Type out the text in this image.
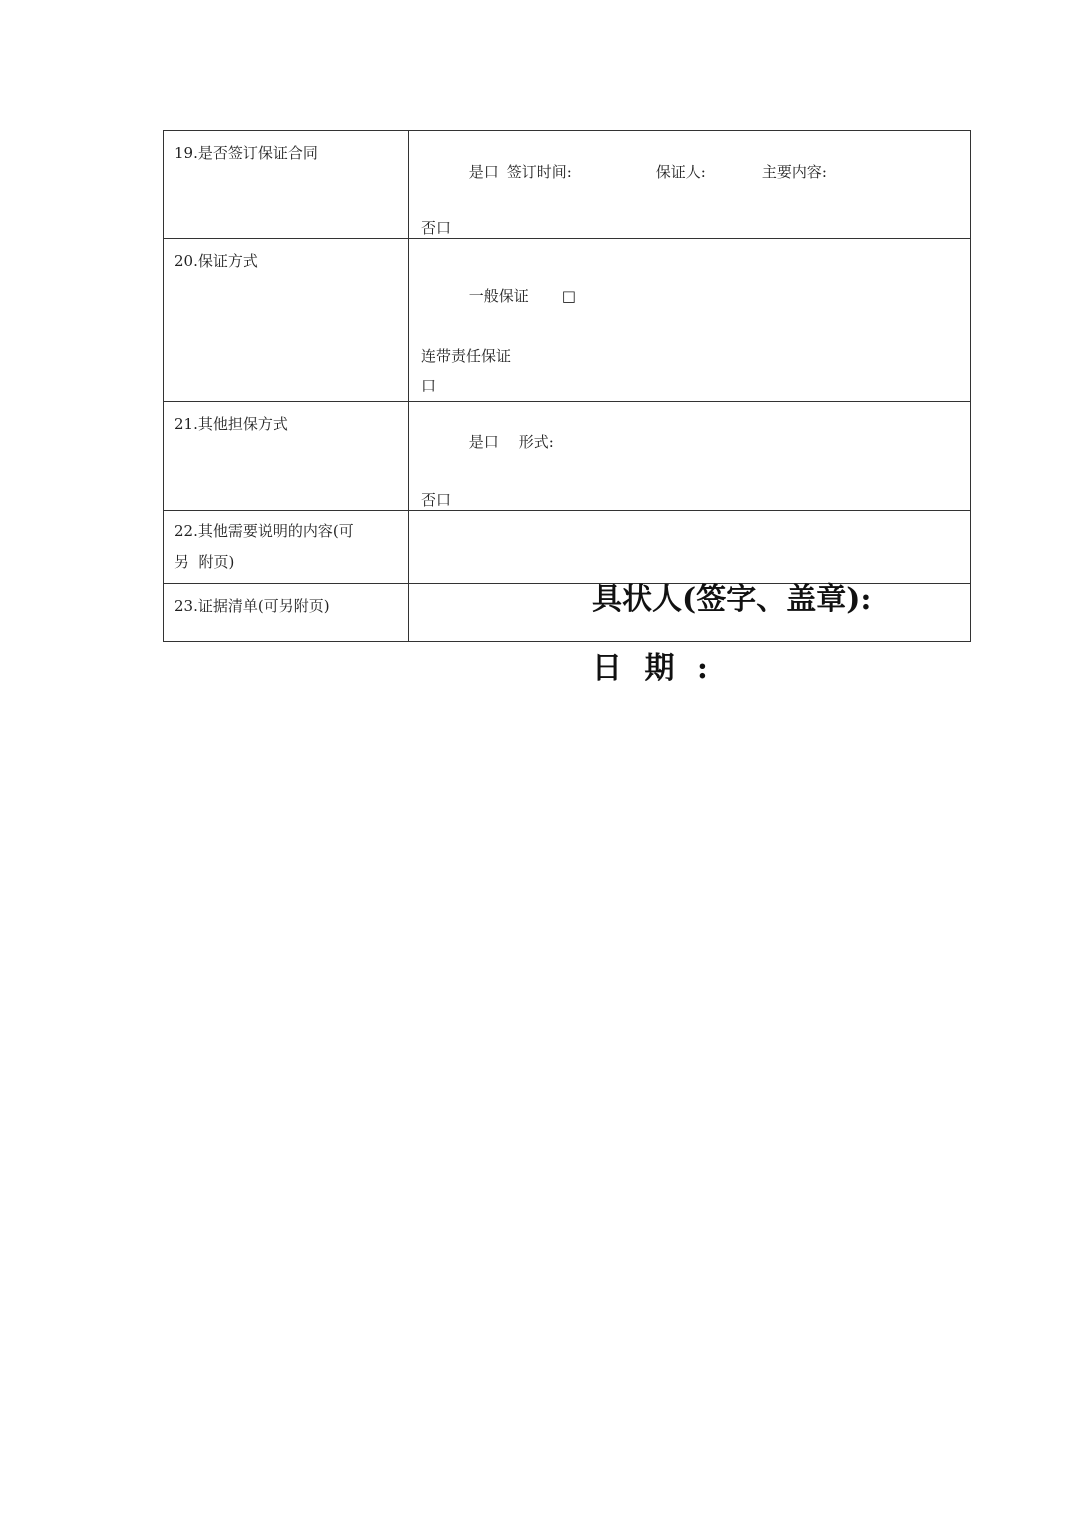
19.是否签订保证合同	是口 签订时间: 保证人: 主要内容:

否口

20.保证方式	一般保证 □

连带责任保证
口

21.其他担保方式	是口 形式:

否口

22.其他需要说明的内容(可
另  附页)	

23.证据清单(可另附页)	
		具状人(签字、盖章):
日 期 :
